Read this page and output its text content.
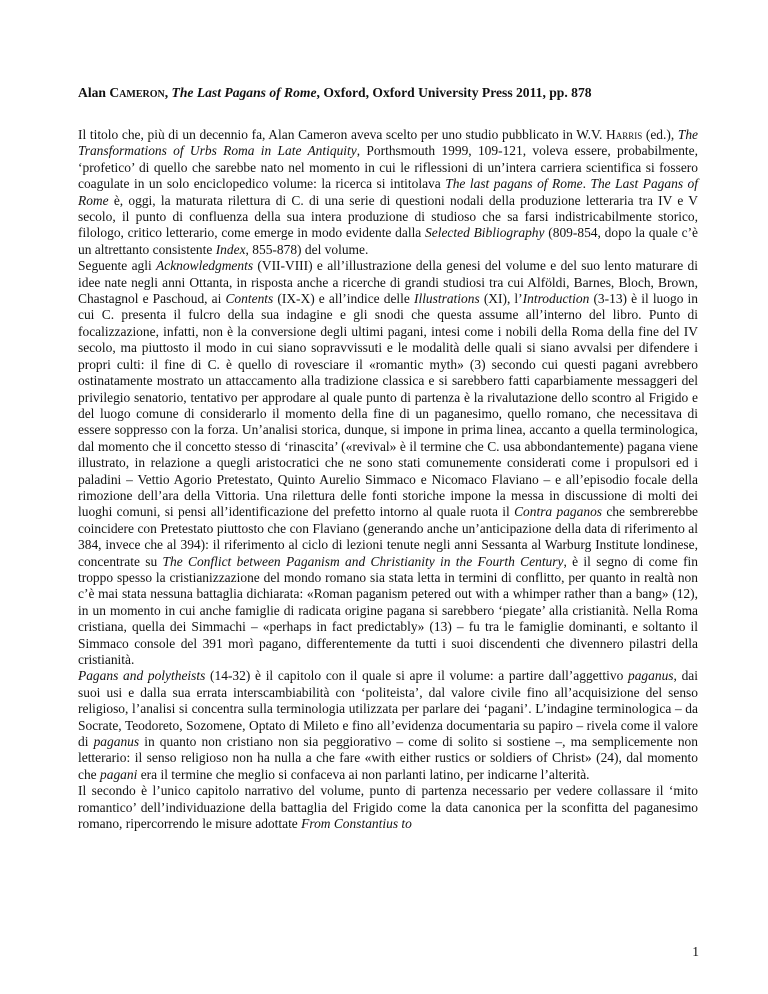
Alan Cameron, The Last Pagans of Rome, Oxford, Oxford University Press 2011, pp. 878

Il titolo che, più di un decennio fa, Alan Cameron aveva scelto per uno studio pubblicato in W.V. Harris (ed.), The Transformations of Urbs Roma in Late Antiquity, Porthsmouth 1999, 109-121, voleva essere, probabilmente, ‘profetico’ di quello che sarebbe nato nel momento in cui le riflessioni di un’intera carriera scientifica si fossero coagulate in un solo enciclopedico volume: la ricerca si intitolava The last pagans of Rome. The Last Pagans of Rome è, oggi, la maturata rilettura di C. di una serie di questioni nodali della produzione letteraria tra IV e V secolo, il punto di confluenza della sua intera produzione di studioso che sa farsi indistricabilmente storico, filologo, critico letterario, come emerge in modo evidente dalla Selected Bibliography (809-854, dopo la quale c’è un altrettanto consistente Index, 855-878) del volume.

Seguente agli Acknowledgments (VII-VIII) e all’illustrazione della genesi del volume e del suo lento maturare di idee nate negli anni Ottanta, in risposta anche a ricerche di grandi studiosi tra cui Alföldi, Barnes, Bloch, Brown, Chastagnol e Paschoud, ai Contents (IX-X) e all’indice delle Illustrations (XI), l’Introduction (3-13) è il luogo in cui C. presenta il fulcro della sua indagine e gli snodi che questa assume all’interno del libro. Punto di focalizzazione, infatti, non è la conversione degli ultimi pagani, intesi come i nobili della Roma della fine del IV secolo, ma piuttosto il modo in cui siano sopravvissuti e le modalità delle quali si siano avvalsi per difendere i propri culti: il fine di C. è quello di rovesciare il «romantic myth» (3) secondo cui questi pagani avrebbero ostinatamente mostrato un attaccamento alla tradizione classica e si sarebbero fatti caparbiamente messaggeri del privilegio senatorio, tentativo per approdare al quale punto di partenza è la rivalutazione dello scontro al Frigido e del luogo comune di considerarlo il momento della fine di un paganesimo, quello romano, che necessitava di essere soppresso con la forza. Un’analisi storica, dunque, si impone in prima linea, accanto a quella terminologica, dal momento che il concetto stesso di ‘rinascita’ («revival» è il termine che C. usa abbondantemente) pagana viene illustrato, in relazione a quegli aristocratici che ne sono stati comunemente considerati come i propulsori ed i paladini – Vettio Agorio Pretestato, Quinto Aurelio Simmaco e Nicomaco Flaviano – e all’episodio focale della rimozione dell’ara della Vittoria. Una rilettura delle fonti storiche impone la messa in discussione di molti dei luoghi comuni, si pensi all’identificazione del prefetto intorno al quale ruota il Contra paganos che sembrerebbe coincidere con Pretestato piuttosto che con Flaviano (generando anche un’anticipazione della data di riferimento al 384, invece che al 394): il riferimento al ciclo di lezioni tenute negli anni Sessanta al Warburg Institute londinese, concentrate su The Conflict between Paganism and Christianity in the Fourth Century, è il segno di come fin troppo spesso la cristianizzazione del mondo romano sia stata letta in termini di conflitto, per quanto in realtà non c’è mai stata nessuna battaglia dichiarata: «Roman paganism petered out with a whimper rather than a bang» (12), in un momento in cui anche famiglie di radicata origine pagana si sarebbero ‘piegate’ alla cristianità. Nella Roma cristiana, quella dei Simmachi – «perhaps in fact predictably» (13) – fu tra le famiglie dominanti, e soltanto il Simmaco console del 391 morì pagano, differentemente da tutti i suoi discendenti che divennero pilastri della cristianità.

Pagans and polytheists (14-32) è il capitolo con il quale si apre il volume: a partire dall’aggettivo paganus, dai suoi usi e dalla sua errata interscambiabilità con ‘politeista’, dal valore civile fino all’acquisizione del senso religioso, l’analisi si concentra sulla terminologia utilizzata per parlare dei ‘pagani’. L’indagine terminologica – da Socrate, Teodoreto, Sozomene, Optato di Mileto e fino all’evidenza documentaria su papiro – rivela come il valore di paganus in quanto non cristiano non sia peggiorativo – come di solito si sostiene –, ma semplicemente non letterario: il senso religioso non ha nulla a che fare «with either rustics or soldiers of Christ» (24), dal momento che pagani era il termine che meglio si confaceva ai non parlanti latino, per indicarne l’alterità.

Il secondo è l’unico capitolo narrativo del volume, punto di partenza necessario per vedere collassare il ‘mito romantico’ dell’individuazione della battaglia del Frigido come la data canonica per la sconfitta del paganesimo romano, ripercorrendo le misure adottate From Constantius to

1
